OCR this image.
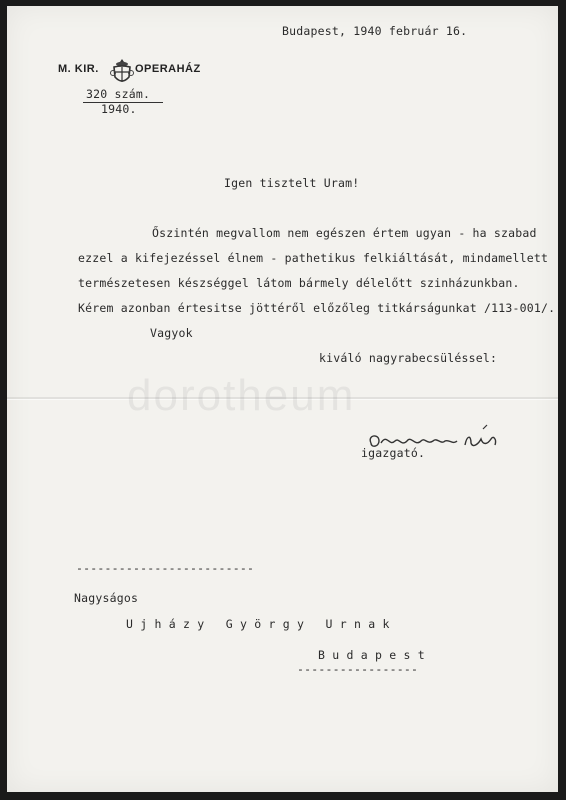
Budapest, 1940 február 16.
M. KIR.	OPERAHÁZ
320 szám.
1940.
Igen tisztelt Uram!
Őszintén megvallom nem egészen értem ugyan - ha szabad
ezzel a kifejezéssel élnem - pathetikus felkiáltását, mindamellett
természetesen készséggel látom bármely délelőtt szinházunkban.
Kérem azonban értesitse jöttéről előzőleg titkárságunkat /113-001/.
Vagyok
kiváló nagyrabecsüléssel:
dorotheum
igazgató.
-------------------------
Nagyságos
U j h á z y   G y ö r g y   U r n a k
B u d a p e s t
-----------------
